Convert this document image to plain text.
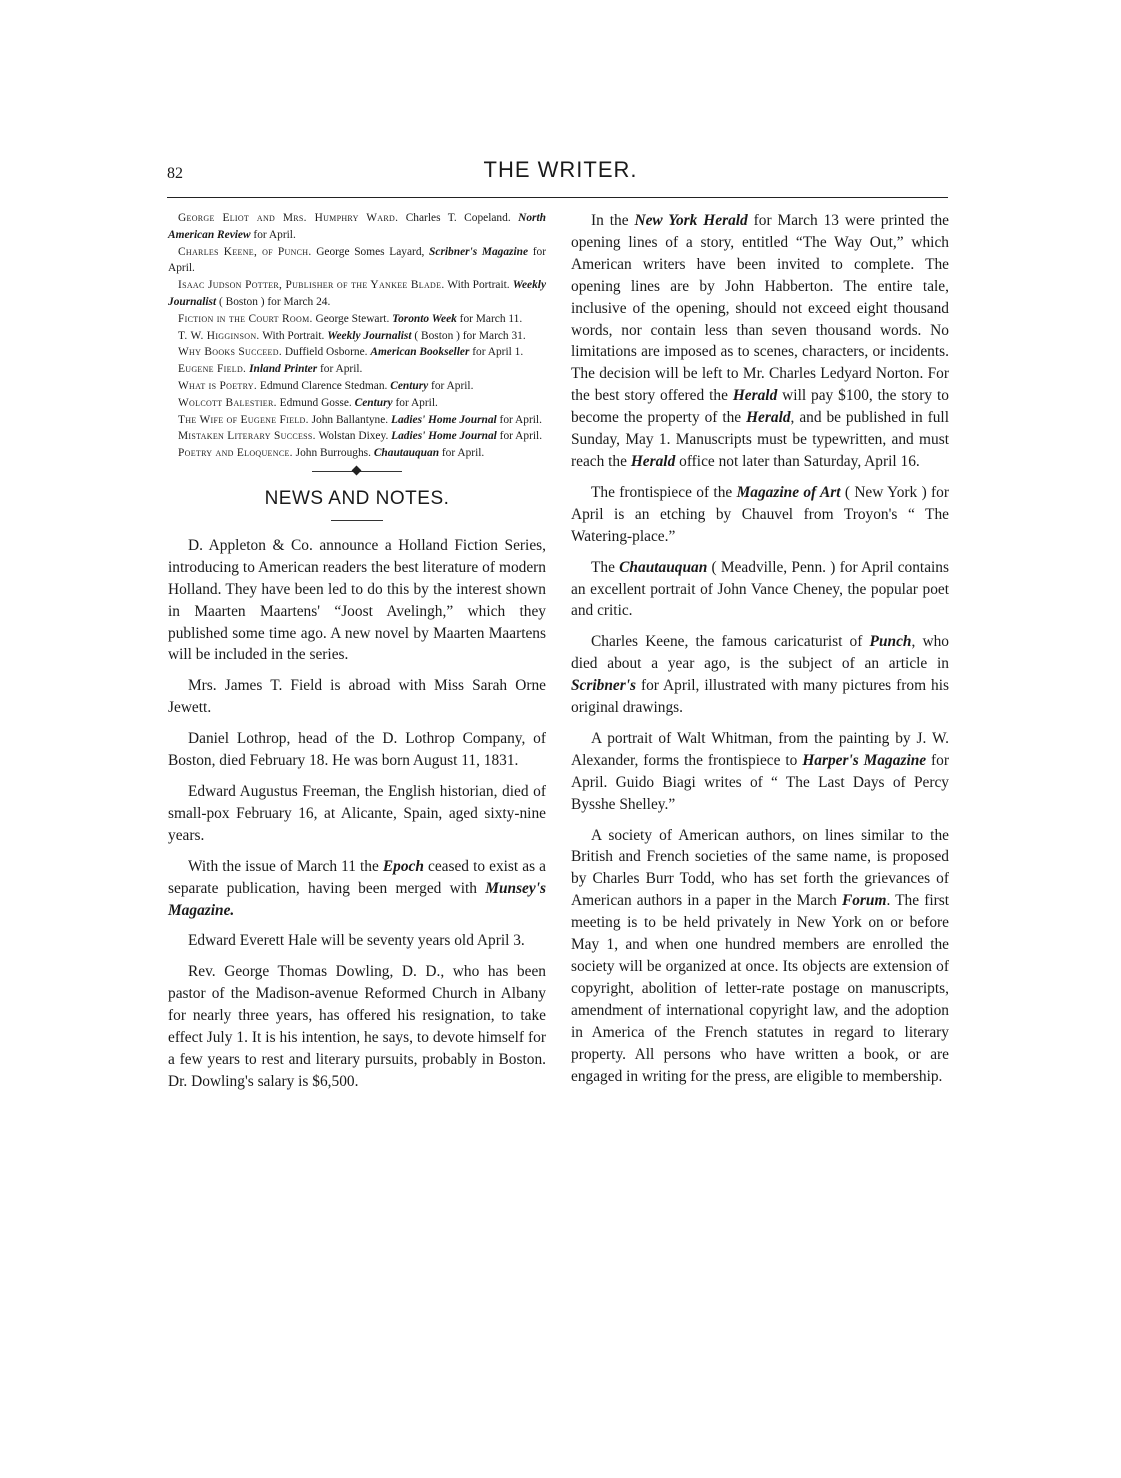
82	THE WRITER.

George Eliot and Mrs. Humphry Ward. Charles T. Copeland. North American Review for April.

Charles Keene, of Punch. George Somes Layard, Scribner's Magazine for April.

Isaac Judson Potter, Publisher of the Yankee Blade. With Portrait. Weekly Journalist ( Boston ) for March 24.

Fiction in the Court Room. George Stewart. Toronto Week for March 11.

T. W. Higginson. With Portrait. Weekly Journalist ( Boston ) for March 31.

Why Books Succeed. Duffield Osborne. American Bookseller for April 1.

Eugene Field. Inland Printer for April.

What is Poetry. Edmund Clarence Stedman. Century for April.

Wolcott Balestier. Edmund Gosse. Century for April.

The Wife of Eugene Field. John Ballantyne. Ladies' Home Journal for April.

Mistaken Literary Success. Wolstan Dixey. Ladies' Home Journal for April.

Poetry and Eloquence. John Burroughs. Chautauquan for April.

NEWS AND NOTES.

D. Appleton & Co. announce a Holland Fiction Series, introducing to American readers the best literature of modern Holland. They have been led to do this by the interest shown in Maarten Maartens' “Joost Avelingh,” which they published some time ago. A new novel by Maarten Maartens will be included in the series.

Mrs. James T. Field is abroad with Miss Sarah Orne Jewett.

Daniel Lothrop, head of the D. Lothrop Company, of Boston, died February 18. He was born August 11, 1831.

Edward Augustus Freeman, the English historian, died of small-pox February 16, at Alicante, Spain, aged sixty-nine years.

With the issue of March 11 the Epoch ceased to exist as a separate publication, having been merged with Munsey's Magazine.

Edward Everett Hale will be seventy years old April 3.

Rev. George Thomas Dowling, D. D., who has been pastor of the Madison-avenue Reformed Church in Albany for nearly three years, has offered his resignation, to take effect July 1. It is his intention, he says, to devote himself for a few years to rest and literary pursuits, probably in Boston. Dr. Dowling's salary is $6,500.

In the New York Herald for March 13 were printed the opening lines of a story, entitled “The Way Out,” which American writers have been invited to complete. The opening lines are by John Habberton. The entire tale, inclusive of the opening, should not exceed eight thousand words, nor contain less than seven thousand words. No limitations are imposed as to scenes, characters, or incidents. The decision will be left to Mr. Charles Ledyard Norton. For the best story offered the Herald will pay $100, the story to become the property of the Herald, and be published in full Sunday, May 1. Manuscripts must be typewritten, and must reach the Herald office not later than Saturday, April 16.

The frontispiece of the Magazine of Art ( New York ) for April is an etching by Chauvel from Troyon's “ The Watering-place.”

The Chautauquan ( Meadville, Penn. ) for April contains an excellent portrait of John Vance Cheney, the popular poet and critic.

Charles Keene, the famous caricaturist of Punch, who died about a year ago, is the subject of an article in Scribner's for April, illustrated with many pictures from his original drawings.

A portrait of Walt Whitman, from the painting by J. W. Alexander, forms the frontispiece to Harper's Magazine for April. Guido Biagi writes of “ The Last Days of Percy Bysshe Shelley.”

A society of American authors, on lines similar to the British and French societies of the same name, is proposed by Charles Burr Todd, who has set forth the grievances of American authors in a paper in the March Forum. The first meeting is to be held privately in New York on or before May 1, and when one hundred members are enrolled the society will be organized at once. Its objects are extension of copyright, abolition of letter-rate postage on manuscripts, amendment of international copyright law, and the adoption in America of the French statutes in regard to literary property. All persons who have written a book, or are engaged in writing for the press, are eligible to membership.
